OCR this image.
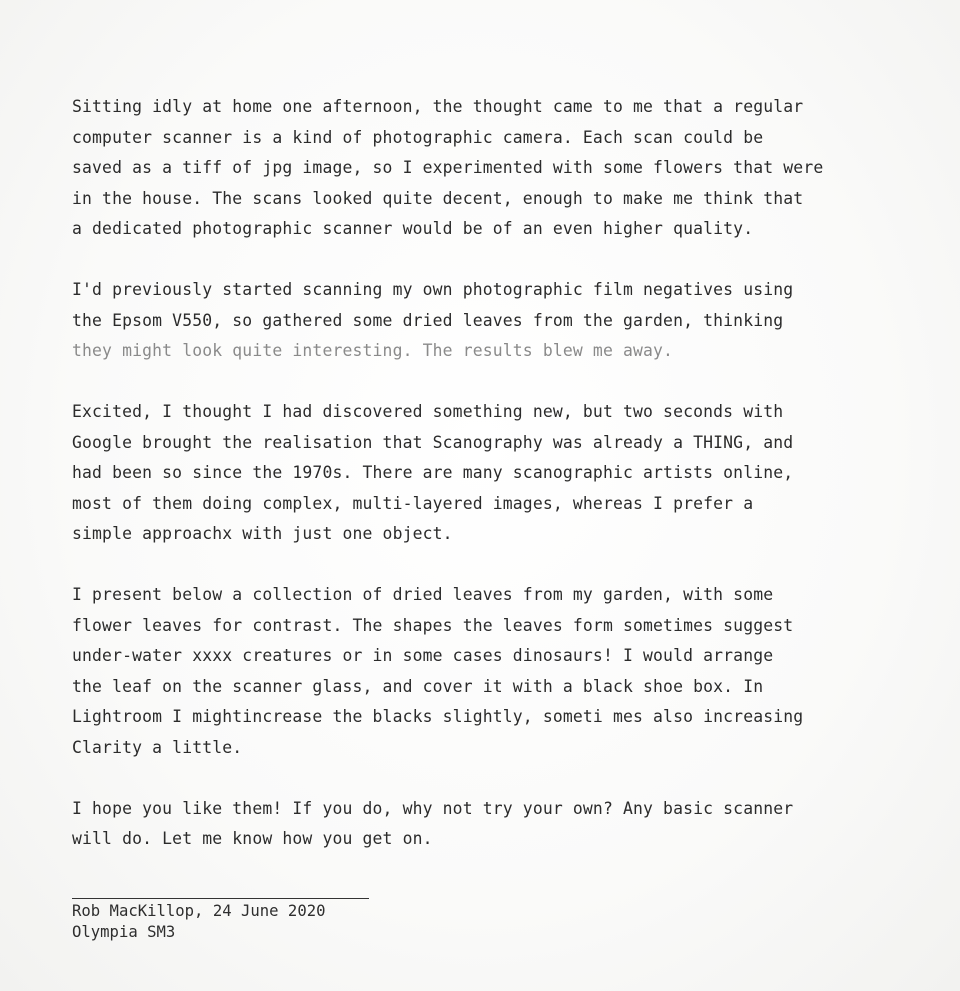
Sitting idly at home one afternoon, the thought came to me that a regular
computer scanner is a kind of photographic camera. Each scan could be
saved as a tiff of jpg image, so I experimented with some flowers that were
in the house. The scans looked quite decent, enough to make me think that
a dedicated photographic scanner would be of an even higher quality.
I'd previously started scanning my own photographic film negatives using
the Epsom V550, so gathered some dried leaves from the garden, thinking
they might look quite interesting. The results blew me away.
Excited, I thought I had discovered something new, but two seconds with
Google brought the realisation that Scanography was already a THING, and
had been so since the 1970s. There are many scanographic artists online,
most of them doing complex, multi-layered images, whereas I prefer a
simple approachx with just one object.
I present below a collection of dried leaves from my garden, with some
flower leaves for contrast. The shapes the leaves form sometimes suggest
under-water xxxx creatures or in some cases dinosaurs! I would arrange
the leaf on the scanner glass, and cover it with a black shoe box. In
Lightroom I mightincrease the blacks slightly, someti mes also increasing
Clarity a little.
I hope you like them! If you do, why not try your own? Any basic scanner
will do. Let me know how you get on.
Rob MacKillop, 24 June 2020
Olympia SM3
